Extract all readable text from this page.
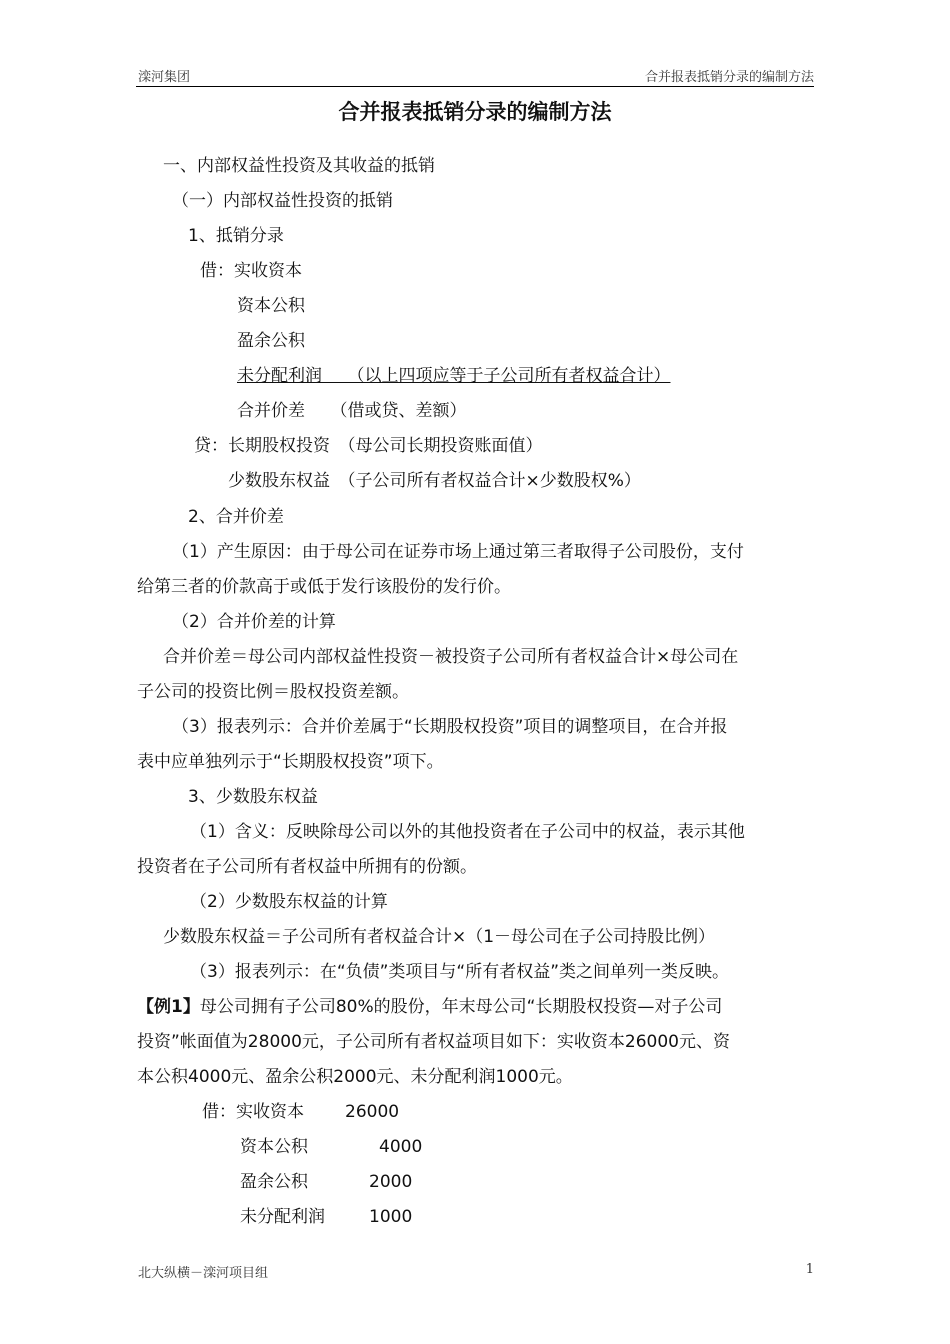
滦河集团	合并报表抵销分录的编制方法
合并报表抵销分录的编制方法
一、内部权益性投资及其收益的抵销
（一）内部权益性投资的抵销
1、抵销分录
借：实收资本
资本公积
盈余公积
未分配利润　　（以上四项应等于子公司所有者权益合计）
合并价差　　（借或贷、差额）
贷：长期股权投资　（母公司长期投资账面值）
少数股东权益　（子公司所有者权益合计×少数股权%）
2、合并价差
（1）产生原因：由于母公司在证券市场上通过第三者取得子公司股份，支付
给第三者的价款高于或低于发行该股份的发行价。
（2）合并价差的计算
合并价差＝母公司内部权益性投资－被投资子公司所有者权益合计×母公司在
子公司的投资比例＝股权投资差额。
（3）报表列示：合并价差属于“长期股权投资”项目的调整项目，在合并报
表中应单独列示于“长期股权投资”项下。
3、少数股东权益
（1）含义：反映除母公司以外的其他投资者在子公司中的权益，表示其他
投资者在子公司所有者权益中所拥有的份额。
（2）少数股东权益的计算
少数股东权益＝子公司所有者权益合计×（1－母公司在子公司持股比例）
（3）报表列示：在“负债”类项目与“所有者权益”类之间单列一类反映。
【例1】母公司拥有子公司80%的股份，年末母公司“长期股权投资—对子公司
投资”帐面值为28000元，子公司所有者权益项目如下：实收资本26000元、资
本公积4000元、盈余公积2000元、未分配利润1000元。
借：实收资本 26000
资本公积	4000
盈余公积	2000
未分配利润	1000
北大纵横－滦河项目组	1
